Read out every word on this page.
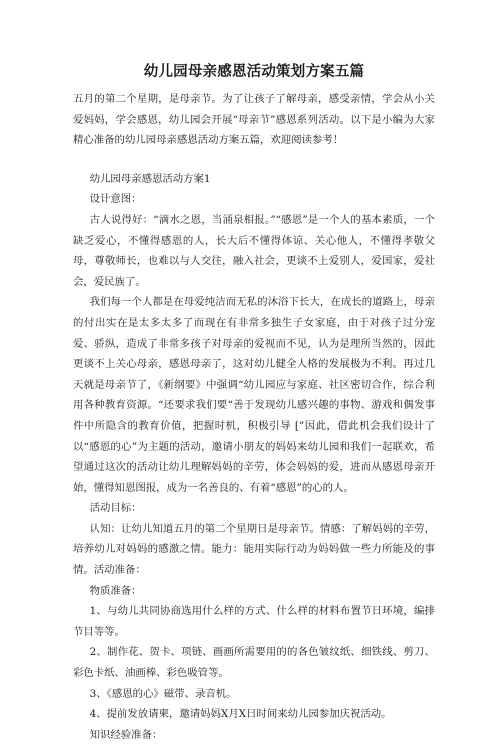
幼儿园母亲感恩活动策划方案五篇

五月的第二个星期，是母亲节。为了让孩子了解母亲，感受亲情，学会从小关爱妈妈，学会感恩，幼儿园会开展“母亲节”感恩系列活动。以下是小编为大家精心准备的幼儿园母亲感恩活动方案五篇，欢迎阅读参考！

幼儿园母亲感恩活动方案1

设计意图：

古人说得好：“滴水之恩，当涌泉相报。”“感恩”是一个人的基本素质，一个缺乏爱心，不懂得感恩的人，长大后不懂得体谅、关心他人，不懂得孝敬父母，尊敬师长，也难以与人交往，融入社会，更谈不上爱别人，爱国家，爱社会，爱民族了。

我们每一个人都是在母爱纯洁而无私的沐浴下长大，在成长的道路上，母亲的付出实在是太多太多了而现在有非常多独生子女家庭，由于对孩子过分宠爱、骄纵，造成了非常多孩子对母亲的爱视而不见，认为是理所当然的，因此更谈不上关心母亲，感恩母亲了，这对幼儿健全人格的发展极为不利。再过几天就是母亲节了，《新纲要》中强调“幼儿园应与家庭、社区密切合作，综合利用各种教育资源。“还要求我们要“善于发现幼儿感兴趣的事物、游戏和偶发事件中所隐含的教育价值，把握时机，积极引导 [”因此，借此机会我们设计了以“感恩的心”为主题的活动，邀请小朋友的妈妈来幼儿园和我们一起联欢，希望通过这次的活动让幼儿理解妈妈的辛劳，体会妈妈的爱，进而从感恩母亲开始，懂得知恩图报，成为一名善良的、有着“感恩”的心的人。

活动目标：

认知：让幼儿知道五月的第二个星期日是母亲节。情感：了解妈妈的辛劳，培养幼儿对妈妈的感激之情。能力：能用实际行动为妈妈做一些力所能及的事情。活动准备：

物质准备：

1、与幼儿共同协商选用什么样的方式、什么样的材料布置节日环境，编排节目等等。

2、制作花、贺卡、项链、画画所需要用的的各色皱纹纸、细铁线、剪刀、彩色卡纸、油画棒、彩色吸管等。

3、《感恩的心》磁带、录音机。

4、提前发放请柬，邀请妈妈X月X日时间来幼儿园参加庆祝活动。

知识经验准备：
